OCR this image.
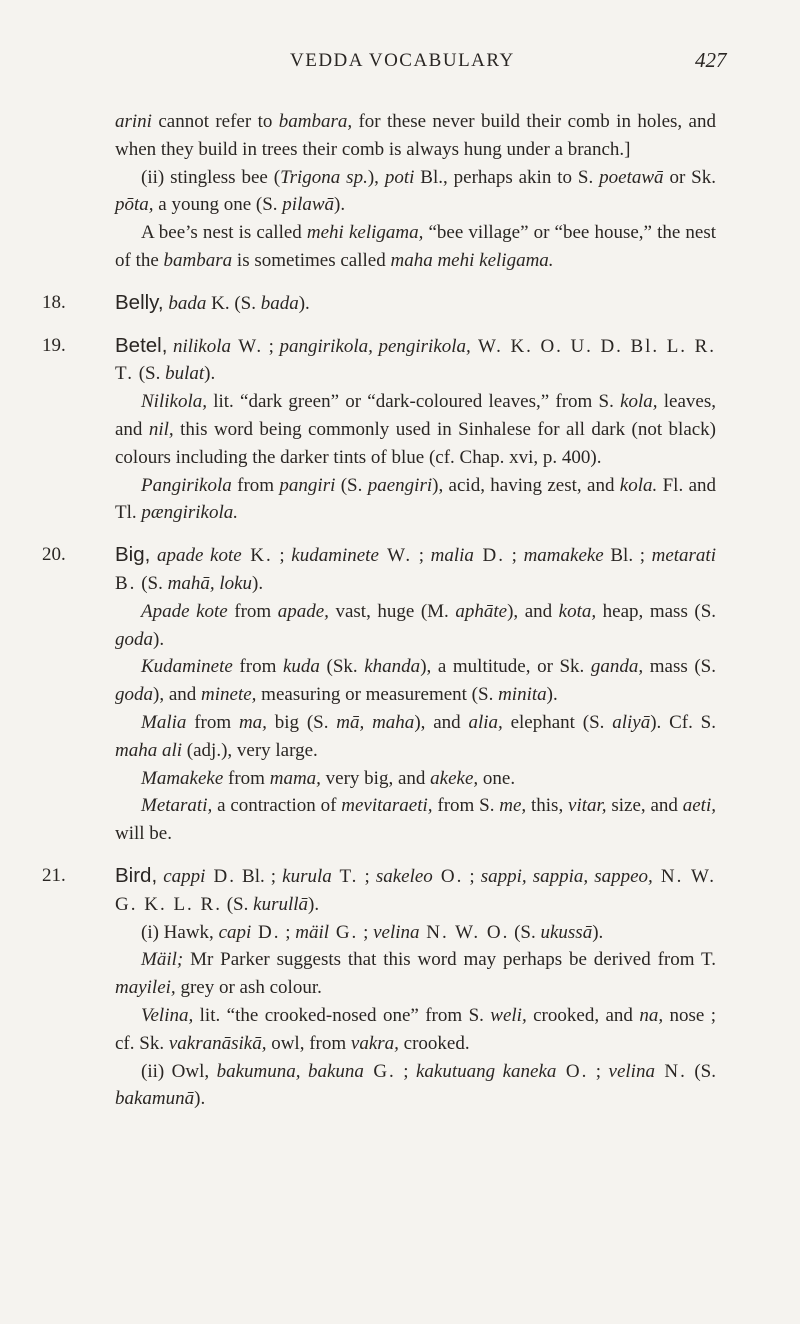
VEDDA VOCABULARY	427

arini cannot refer to bambara, for these never build their comb in holes, and when they build in trees their comb is always hung under a branch.]

(ii) stingless bee (Trigona sp.), poti Bl., perhaps akin to S. poetawā or Sk. pōta, a young one (S. pilawā).

A bee’s nest is called mehi keligama, “bee village” or “bee house,” the nest of the bambara is sometimes called maha mehi keligama.

18. Belly, bada K. (S. bada).

19. Betel, nilikola W. ; pangirikola, pengirikola, W. K. O. U. D. Bl. L. R. T. (S. bulat).

Nilikola, lit. “dark green” or “dark-coloured leaves,” from S. kola, leaves, and nil, this word being commonly used in Sinhalese for all dark (not black) colours including the darker tints of blue (cf. Chap. xvi, p. 400).

Pangirikola from pangiri (S. paengiri), acid, having zest, and kola. Fl. and Tl. pængirikola.

20. Big, apade kote K. ; kudaminete W. ; malia D. ; mamakeke Bl. ; metarati B. (S. mahā, loku).

Apade kote from apade, vast, huge (M. aphāte), and kota, heap, mass (S. goda).

Kudaminete from kuda (Sk. khanda), a multitude, or Sk. ganda, mass (S. goda), and minete, measuring or measurement (S. minita).

Malia from ma, big (S. mā, maha), and alia, elephant (S. aliyā). Cf. S. maha ali (adj.), very large.

Mamakeke from mama, very big, and akeke, one.

Metarati, a contraction of mevitaraeti, from S. me, this, vitar, size, and aeti, will be.

21. Bird, cappi D. Bl. ; kurula T. ; sakeleo O. ; sappi, sappia, sappeo, N. W. G. K. L. R. (S. kurullā).

(i) Hawk, capi D. ; mäil G. ; velina N. W. O. (S. ukussā).

Mäil; Mr Parker suggests that this word may perhaps be derived from T. mayilei, grey or ash colour.

Velina, lit. “the crooked-nosed one” from S. weli, crooked, and na, nose ; cf. Sk. vakranāsikā, owl, from vakra, crooked.

(ii) Owl, bakumuna, bakuna G. ; kakutuang kaneka O. ; velina N. (S. bakamunā).
